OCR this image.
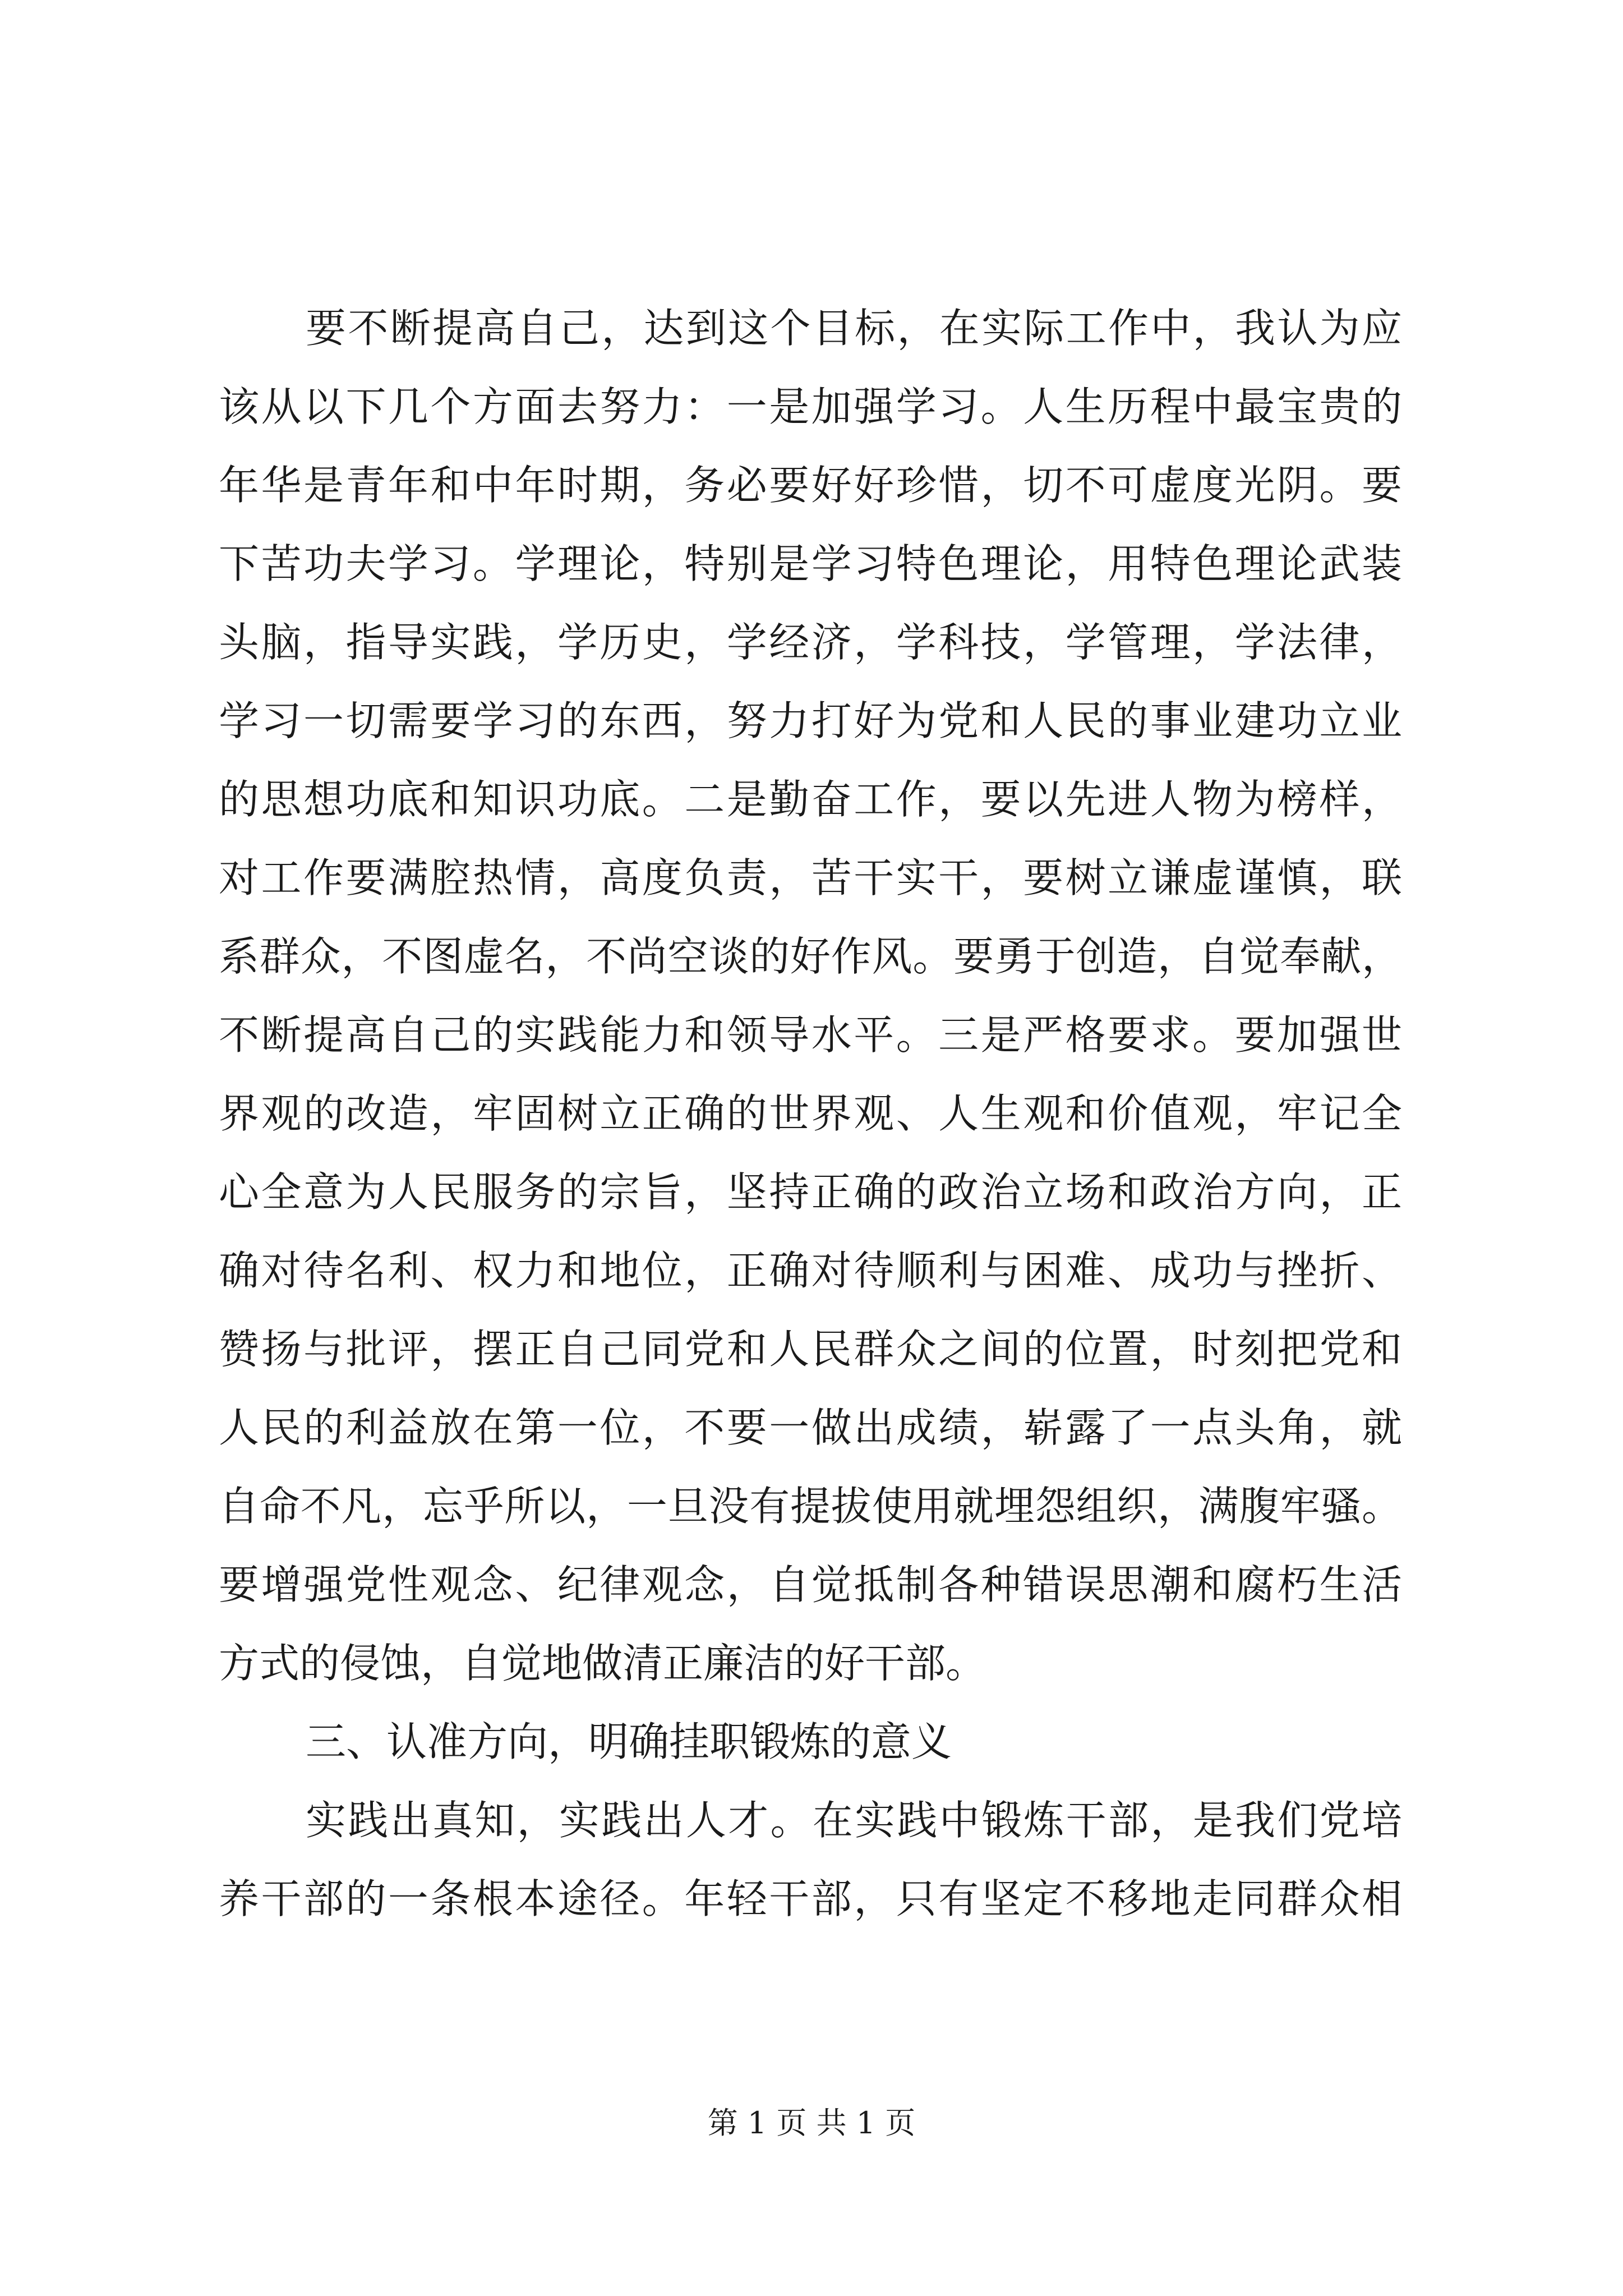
要不断提高自己，达到这个目标，在实际工作中，我认为应
该从以下几个方面去努力：一是加强学习。人生历程中最宝贵的
年华是青年和中年时期，务必要好好珍惜，切不可虚度光阴。要
下苦功夫学习。学理论，特别是学习特色理论，用特色理论武装
头脑，指导实践，学历史，学经济，学科技，学管理，学法律，
学习一切需要学习的东西，努力打好为党和人民的事业建功立业
的思想功底和知识功底。二是勤奋工作，要以先进人物为榜样，
对工作要满腔热情，高度负责，苦干实干，要树立谦虚谨慎，联
系群众，不图虚名，不尚空谈的好作风。要勇于创造，自觉奉献，
不断提高自己的实践能力和领导水平。三是严格要求。要加强世
界观的改造，牢固树立正确的世界观、人生观和价值观，牢记全
心全意为人民服务的宗旨，坚持正确的政治立场和政治方向，正
确对待名利、权力和地位，正确对待顺利与困难、成功与挫折、
赞扬与批评，摆正自己同党和人民群众之间的位置，时刻把党和
人民的利益放在第一位，不要一做出成绩，崭露了一点头角，就
自命不凡，忘乎所以，一旦没有提拔使用就埋怨组织，满腹牢骚。
要增强党性观念、纪律观念，自觉抵制各种错误思潮和腐朽生活
方式的侵蚀，自觉地做清正廉洁的好干部。
三、认准方向，明确挂职锻炼的意义
实践出真知，实践出人才。在实践中锻炼干部，是我们党培
养干部的一条根本途径。年轻干部，只有坚定不移地走同群众相
第 1 页 共 1 页
